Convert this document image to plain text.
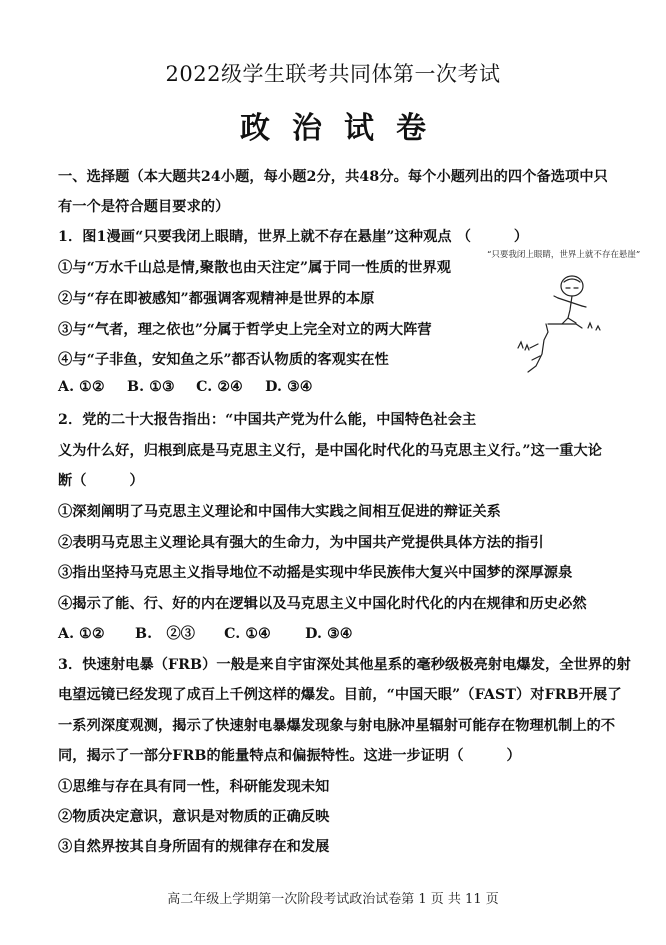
2022级学生联考共同体第一次考试
政治试卷
一、选择题（本大题共24小题，每小题2分，共48分。每个小题列出的四个备选项中只
有一个是符合题目要求的）
1．图1漫画“只要我闭上眼睛，世界上就不存在悬崖”这种观点 （　　　）
①与“万水千山总是情,聚散也由天注定”属于同一性质的世界观
②与“存在即被感知”都强调客观精神是世界的本原
③与“气者，理之依也”分属于哲学史上完全对立的两大阵营
④与“子非鱼，安知鱼之乐”都否认物质的客观实在性
A. ①② B. ①③ C. ②④ D. ③④
“只要我闭上眼睛，世界上就不存在悬崖”
2．党的二十大报告指出：“中国共产党为什么能，中国特色社会主
义为什么好，归根到底是马克思主义行，是中国化时代化的马克思主义行。”这一重大论
断（　　　）
①深刻阐明了马克思主义理论和中国伟大实践之间相互促进的辩证关系
②表明马克思主义理论具有强大的生命力，为中国共产党提供具体方法的指引
③指出坚持马克思主义指导地位不动摇是实现中华民族伟大复兴中国梦的深厚源泉
④揭示了能、行、好的内在逻辑以及马克思主义中国化时代化的内在规律和历史必然
A. ①② B.　②③ C. ①④ D. ③④
3．快速射电暴（FRB）一般是来自宇宙深处其他星系的毫秒级极亮射电爆发，全世界的射
电望远镜已经发现了成百上千例这样的爆发。目前，“中国天眼”（FAST）对FRB开展了
一系列深度观测，揭示了快速射电暴爆发现象与射电脉冲星辐射可能存在物理机制上的不
同，揭示了一部分FRB的能量特点和偏振特性。这进一步证明（　　　）
①思维与存在具有同一性，科研能发现未知
②物质决定意识，意识是对物质的正确反映
③自然界按其自身所固有的规律存在和发展
高二年级上学期第一次阶段考试政治试卷第 1 页 共 11 页
